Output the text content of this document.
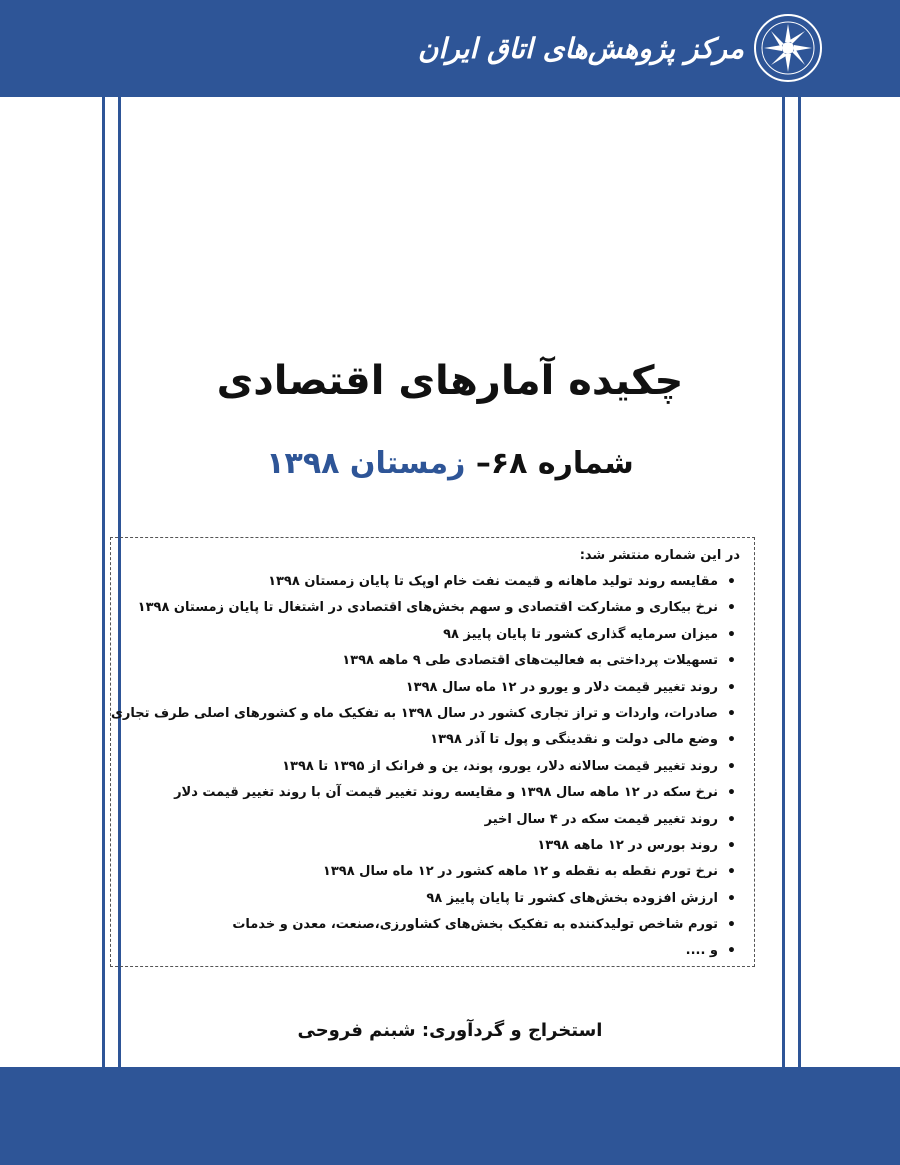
مرکز پژوهش‌های اتاق ایران
چکیده آمارهای اقتصادی
شماره ۶۸– زمستان ۱۳۹۸

در این شماره منتشر شد:

• مقایسه روند تولید ماهانه و قیمت نفت خام اوپک تا پایان زمستان ۱۳۹۸
• نرخ بیکاری و مشارکت اقتصادی و سهم بخش‌های اقتصادی در اشتغال تا پایان زمستان ۱۳۹۸
• میزان سرمایه گذاری کشور تا پایان پاییز ۹۸
• تسهیلات پرداختی به فعالیت‌های اقتصادی طی ۹ ماهه ۱۳۹۸
• روند تغییر قیمت دلار و یورو در ۱۲ ماه سال ۱۳۹۸
• صادرات، واردات و تراز تجاری کشور در سال ۱۳۹۸ به تفکیک ماه و کشورهای اصلی طرف تجاری
• وضع مالی دولت و نقدینگی و پول تا آذر ۱۳۹۸
• روند تغییر قیمت سالانه دلار، یورو، پوند، ین و فرانک از ۱۳۹۵ تا ۱۳۹۸
• نرخ سکه در ۱۲ ماهه سال ۱۳۹۸ و مقایسه روند تغییر قیمت آن با روند تغییر قیمت دلار
• روند تغییر قیمت سکه در ۴ سال اخیر
• روند بورس در ۱۲ ماهه ۱۳۹۸
• نرخ تورم نقطه به نقطه و ۱۲ ماهه کشور در ۱۲ ماه سال ۱۳۹۸
• ارزش افزوده بخش‌های کشور تا پایان پاییز ۹۸
• تورم شاخص تولیدکننده به تفکیک بخش‌های کشاورزی،صنعت، معدن و خدمات
• و ....
استخراج و گردآوری: شبنم فروحی
